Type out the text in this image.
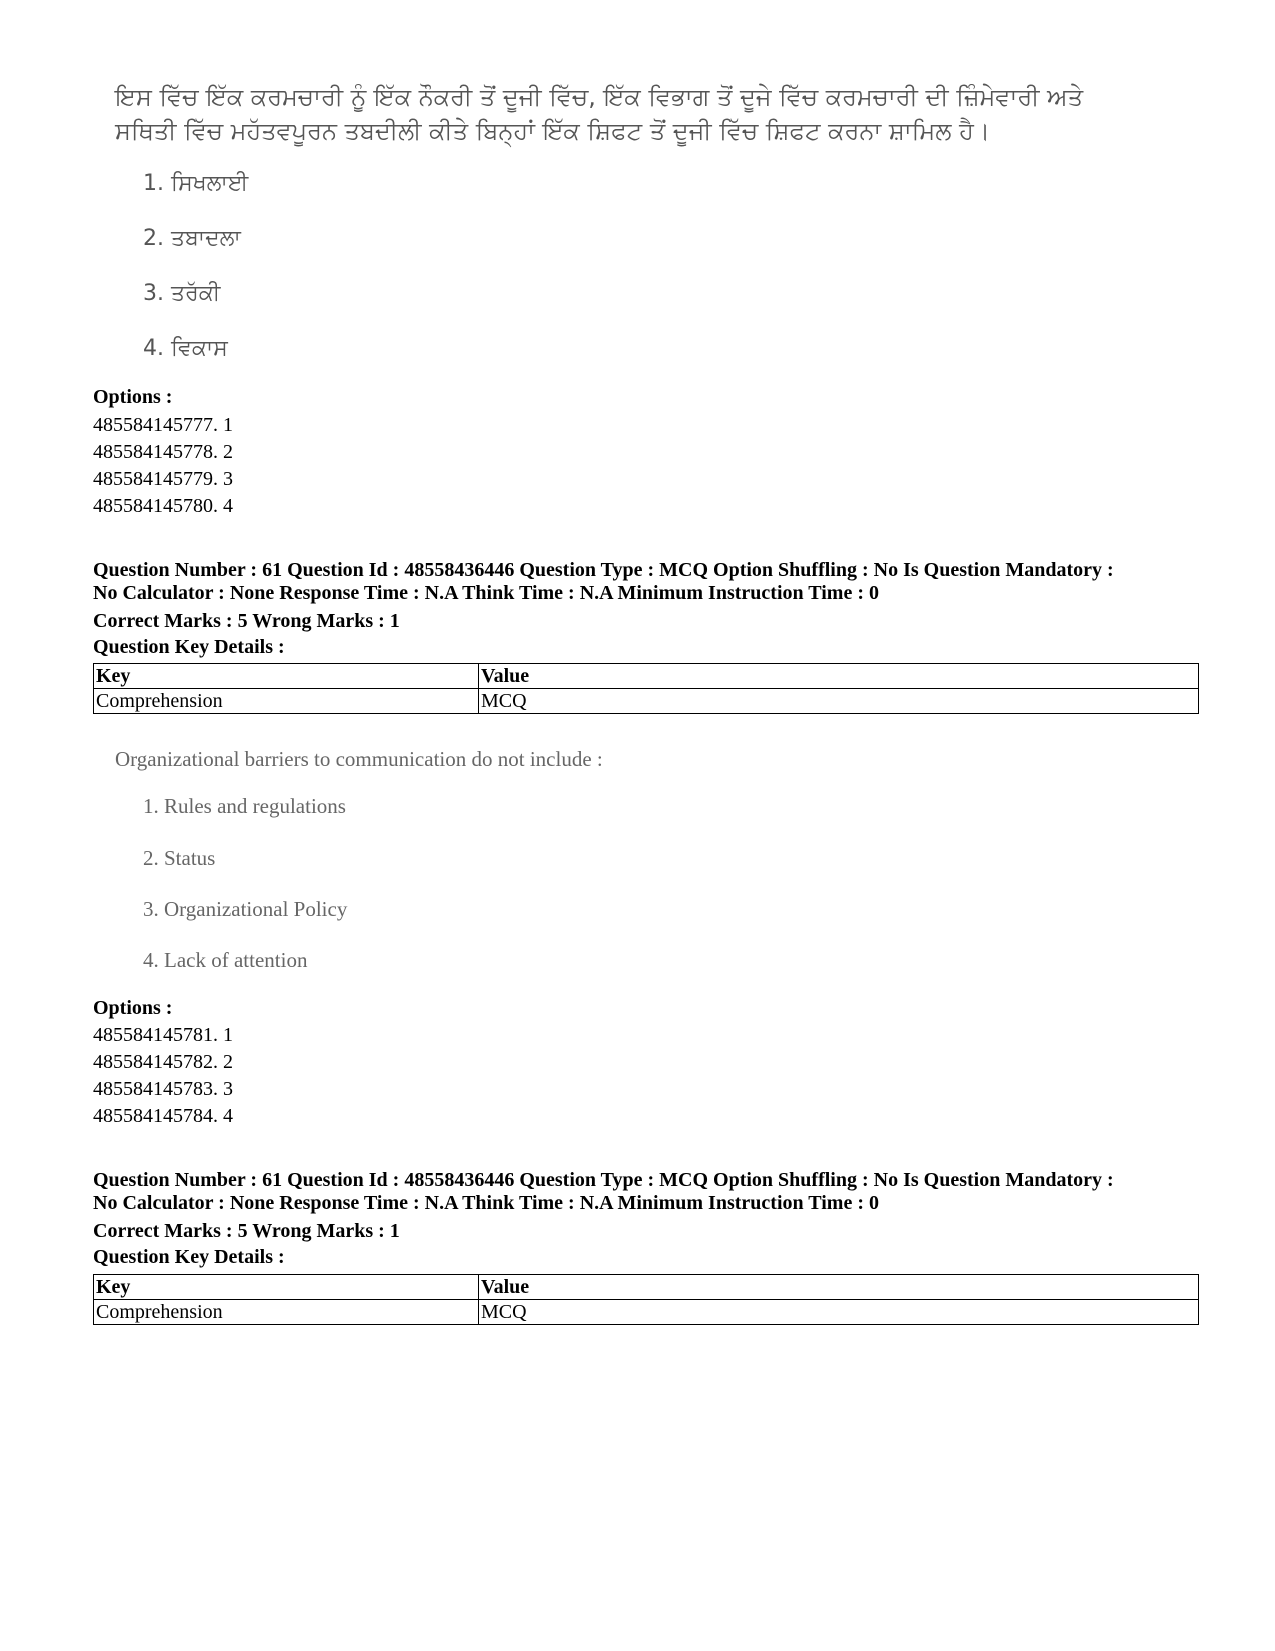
ਇਸ ਵਿੱਚ ਇੱਕ ਕਰਮਚਾਰੀ ਨੂੰ ਇੱਕ ਨੌਕਰੀ ਤੋਂ ਦੂਜੀ ਵਿੱਚ, ਇੱਕ ਵਿਭਾਗ ਤੋਂ ਦੂਜੇ ਵਿੱਚ ਕਰਮਚਾਰੀ ਦੀ ਜ਼ਿੰਮੇਵਾਰੀ ਅਤੇ ਸਥਿਤੀ ਵਿੱਚ ਮਹੱਤਵਪੂਰਨ ਤਬਦੀਲੀ ਕੀਤੇ ਬਿਨ੍ਹਾਂ ਇੱਕ ਸ਼ਿਫਟ ਤੋਂ ਦੂਜੀ ਵਿੱਚ ਸ਼ਿਫਟ ਕਰਨਾ ਸ਼ਾਮਿਲ ਹੈ।
1. ਸਿਖਲਾਈ
2. ਤਬਾਦਲਾ
3. ਤਰੱਕੀ
4. ਵਿਕਾਸ
Options :
485584145777. 1
485584145778. 2
485584145779. 3
485584145780. 4
Question Number : 61 Question Id : 48558436446 Question Type : MCQ Option Shuffling : No Is Question Mandatory :
No Calculator : None Response Time : N.A Think Time : N.A Minimum Instruction Time : 0
Correct Marks : 5 Wrong Marks : 1
Question Key Details :
Key	Value
Comprehension	MCQ
Organizational barriers to communication do not include :
1. Rules and regulations
2. Status
3. Organizational Policy
4. Lack of attention
Options :
485584145781. 1
485584145782. 2
485584145783. 3
485584145784. 4
Question Number : 61 Question Id : 48558436446 Question Type : MCQ Option Shuffling : No Is Question Mandatory :
No Calculator : None Response Time : N.A Think Time : N.A Minimum Instruction Time : 0
Correct Marks : 5 Wrong Marks : 1
Question Key Details :
Key	Value
Comprehension	MCQ
